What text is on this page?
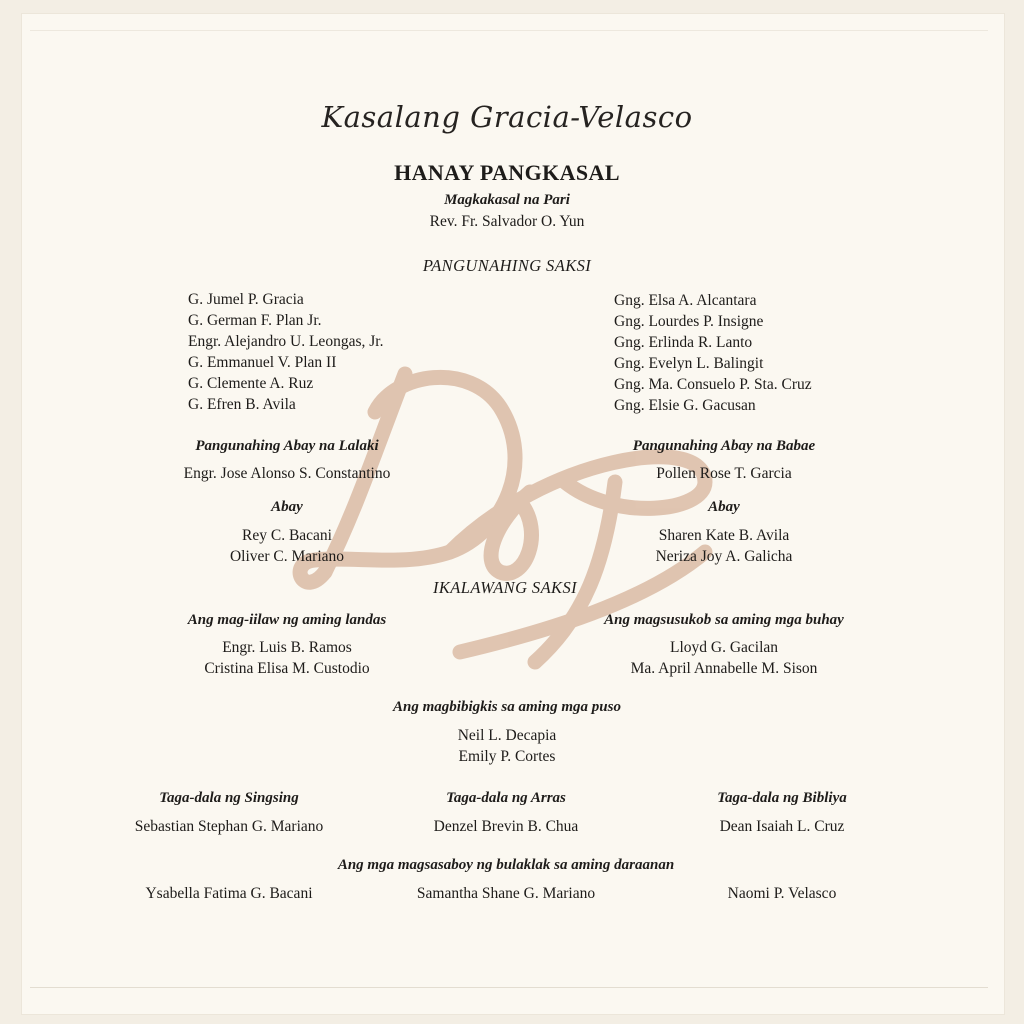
Kasalang Gracia-Velasco
HANAY PANGKASAL
Magkakasal na Pari
Rev. Fr. Salvador O. Yun
PANGUNAHING SAKSI
G. Jumel P. Gracia
G. German F. Plan Jr.
Engr. Alejandro U. Leongas, Jr.
G. Emmanuel V. Plan II
G. Clemente A. Ruz
G. Efren B. Avila
Gng. Elsa A. Alcantara
Gng. Lourdes P. Insigne
Gng. Erlinda R. Lanto
Gng. Evelyn L. Balingit
Gng. Ma. Consuelo P. Sta. Cruz
Gng. Elsie G. Gacusan
Pangunahing Abay na Lalaki
Engr. Jose Alonso S. Constantino
Pangunahing Abay na Babae
Pollen Rose T. Garcia
Abay
Rey C. Bacani
Oliver C. Mariano
Abay
Sharen Kate B. Avila
Neriza Joy A. Galicha
IKALAWANG SAKSI
Ang mag-iilaw ng aming landas
Engr. Luis B. Ramos
Cristina Elisa M. Custodio
Ang magsusukob sa aming mga buhay
Lloyd G. Gacilan
Ma. April Annabelle M. Sison
Ang magbibigkis sa aming mga puso
Neil L. Decapia
Emily P. Cortes
Taga-dala ng Singsing
Sebastian Stephan G. Mariano
Taga-dala ng Arras
Denzel Brevin B. Chua
Taga-dala ng Bibliya
Dean Isaiah L. Cruz
Ang mga magsasaboy ng bulaklak sa aming daraanan
Ysabella Fatima G. Bacani	Samantha Shane G. Mariano	Naomi P. Velasco
